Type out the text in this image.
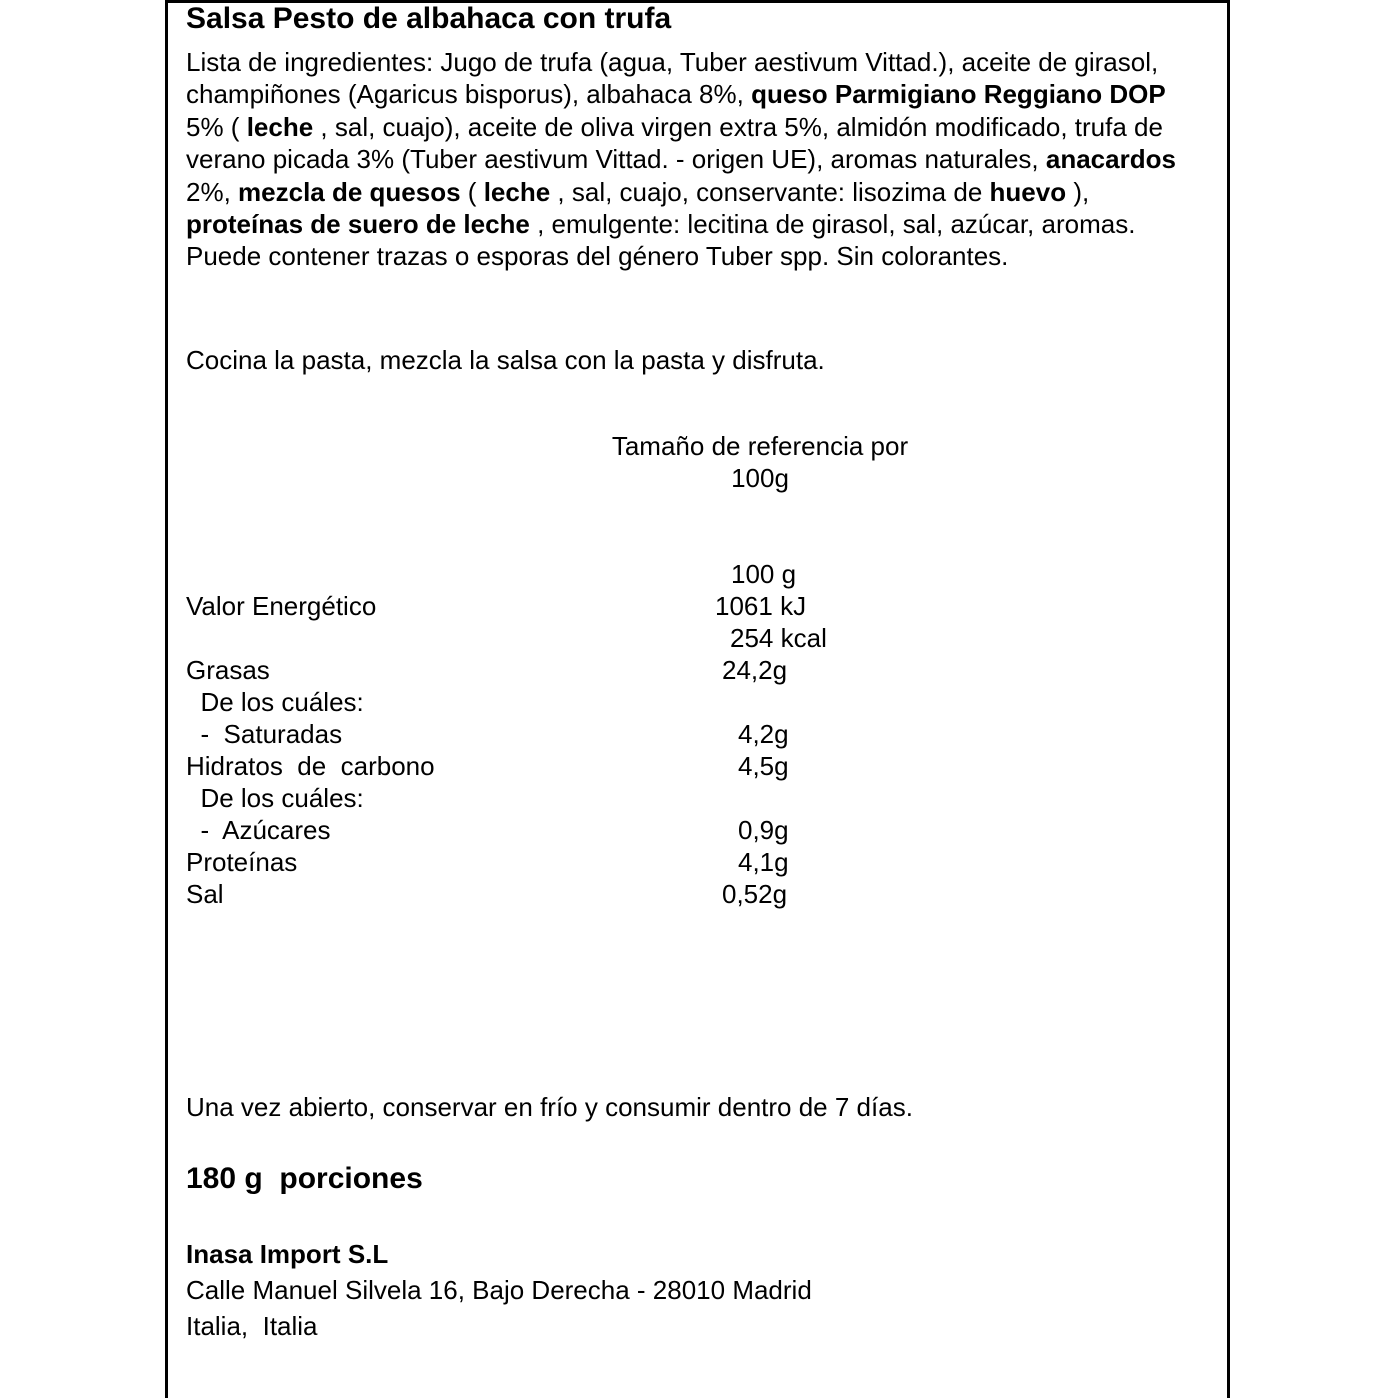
Salsa Pesto de albahaca con trufa
Lista de ingredientes: Jugo de trufa (agua, Tuber aestivum Vittad.), aceite de girasol, champiñones (Agaricus bisporus), albahaca 8%, queso Parmigiano Reggiano DOP 5% ( leche , sal, cuajo), aceite de oliva virgen extra 5%, almidón modificado, trufa de verano picada 3% (Tuber aestivum Vittad. - origen UE), aromas naturales, anacardos 2%, mezcla de quesos ( leche , sal, cuajo, conservante: lisozima de huevo ), proteínas de suero de leche , emulgente: lecitina de girasol, sal, azúcar, aromas. Puede contener trazas o esporas del género Tuber spp. Sin colorantes.
Cocina la pasta, mezcla la salsa con la pasta y disfruta.
Tamaño de referencia por
100g
100 g
Valor Energético	1061 kJ
254 kcal
Grasas	24,2g
De los cuáles:
-  Saturadas	4,2g
Hidratos  de  carbono	4,5g
De los cuáles:
-  Azúcares	0,9g
Proteínas	4,1g
Sal	0,52g
Una vez abierto, conservar en frío y consumir dentro de 7 días.
180 g  porciones
Inasa Import S.L
Calle Manuel Silvela 16, Bajo Derecha - 28010 Madrid
Italia,  Italia
